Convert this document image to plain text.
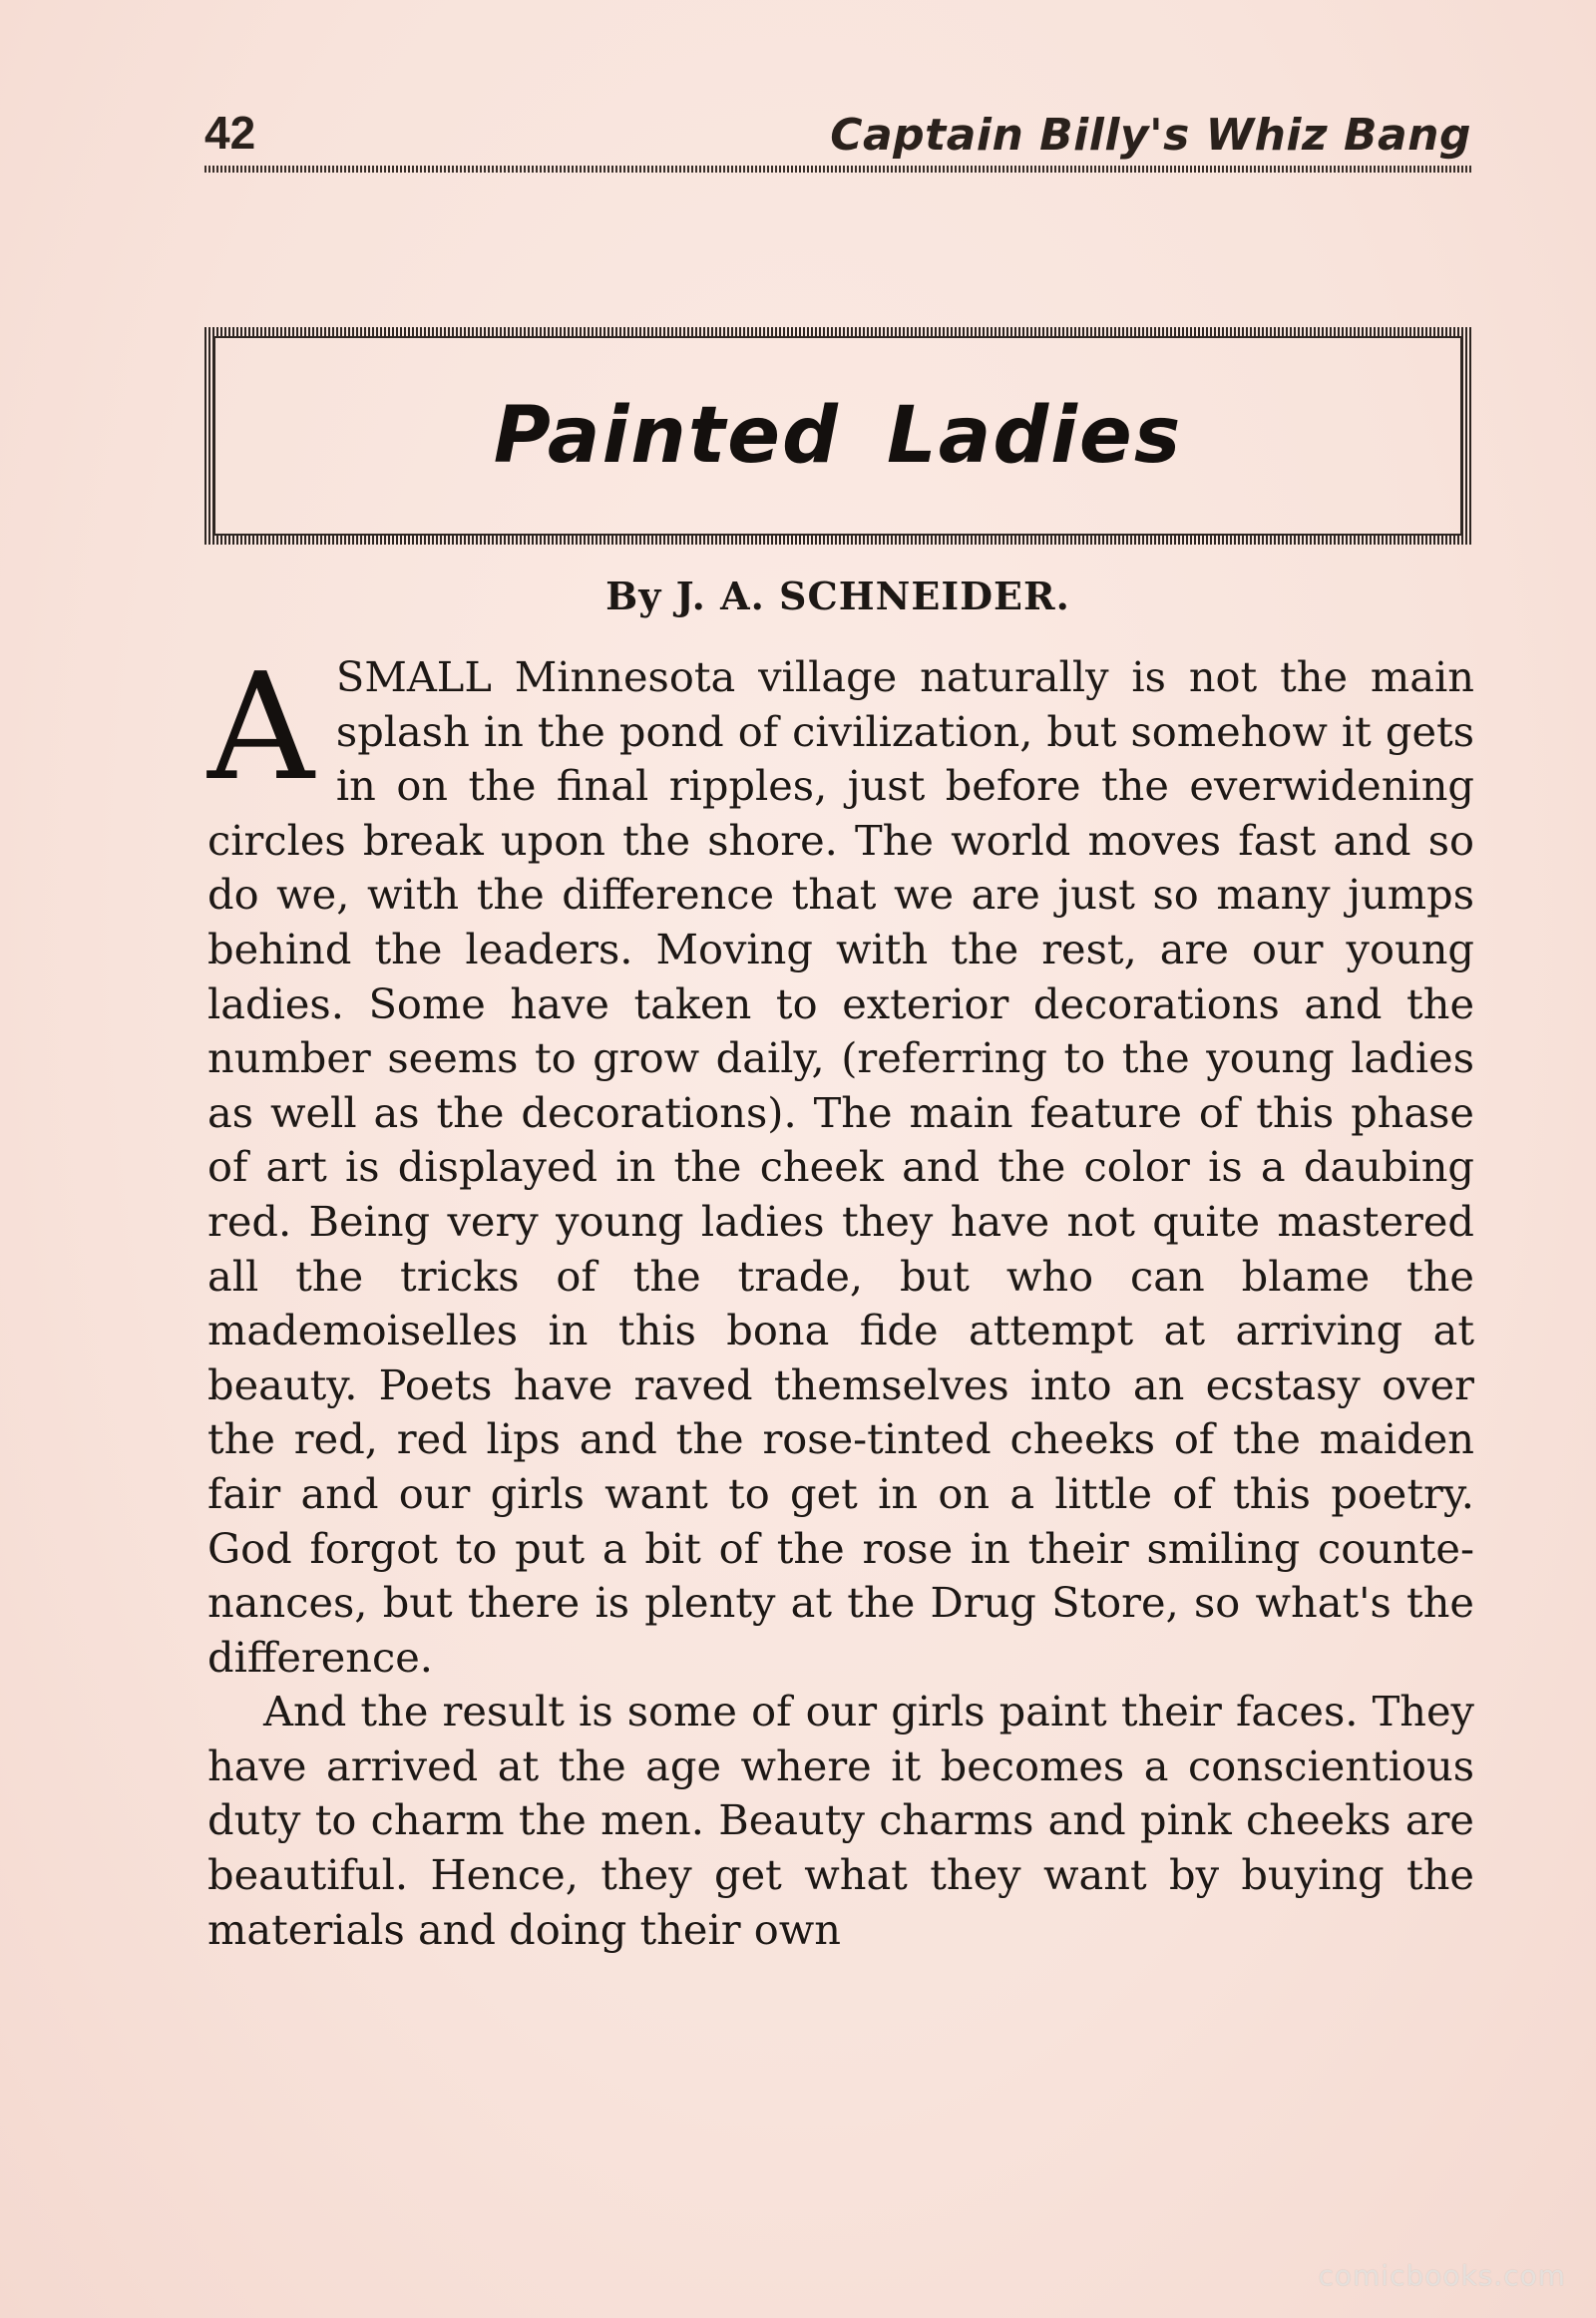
42	Captain Billy's Whiz Bang
Painted Ladies
By J. A. SCHNEIDER.

ASMALL Minnesota village naturally is not the main splash in the pond of civilization, but somehow it gets in on the final ripples, just before the everwidening circles break upon the shore. The world moves fast and so do we, with the difference that we are just so many jumps behind the leaders. Moving with the rest, are our young ladies. Some have taken to exterior decorations and the number seems to grow daily, (referring to the young ladies as well as the decorations). The main feature of this phase of art is displayed in the cheek and the color is a daubing red. Being very young ladies they have not quite mastered all the tricks of the trade, but who can blame the mademoiselles in this bona fide attempt at arriving at beauty. Poets have raved themselves into an ecstasy over the red, red lips and the rose-tinted cheeks of the maiden fair and our girls want to get in on a little of this poetry. God forgot to put a bit of the rose in their smiling countenances, but there is plenty at the Drug Store, so what's the difference.

And the result is some of our girls paint their faces. They have arrived at the age where it becomes a conscientious duty to charm the men. Beauty charms and pink cheeks are beautiful. Hence, they get what they want by buying the materials and doing their own

comicbooks.com
